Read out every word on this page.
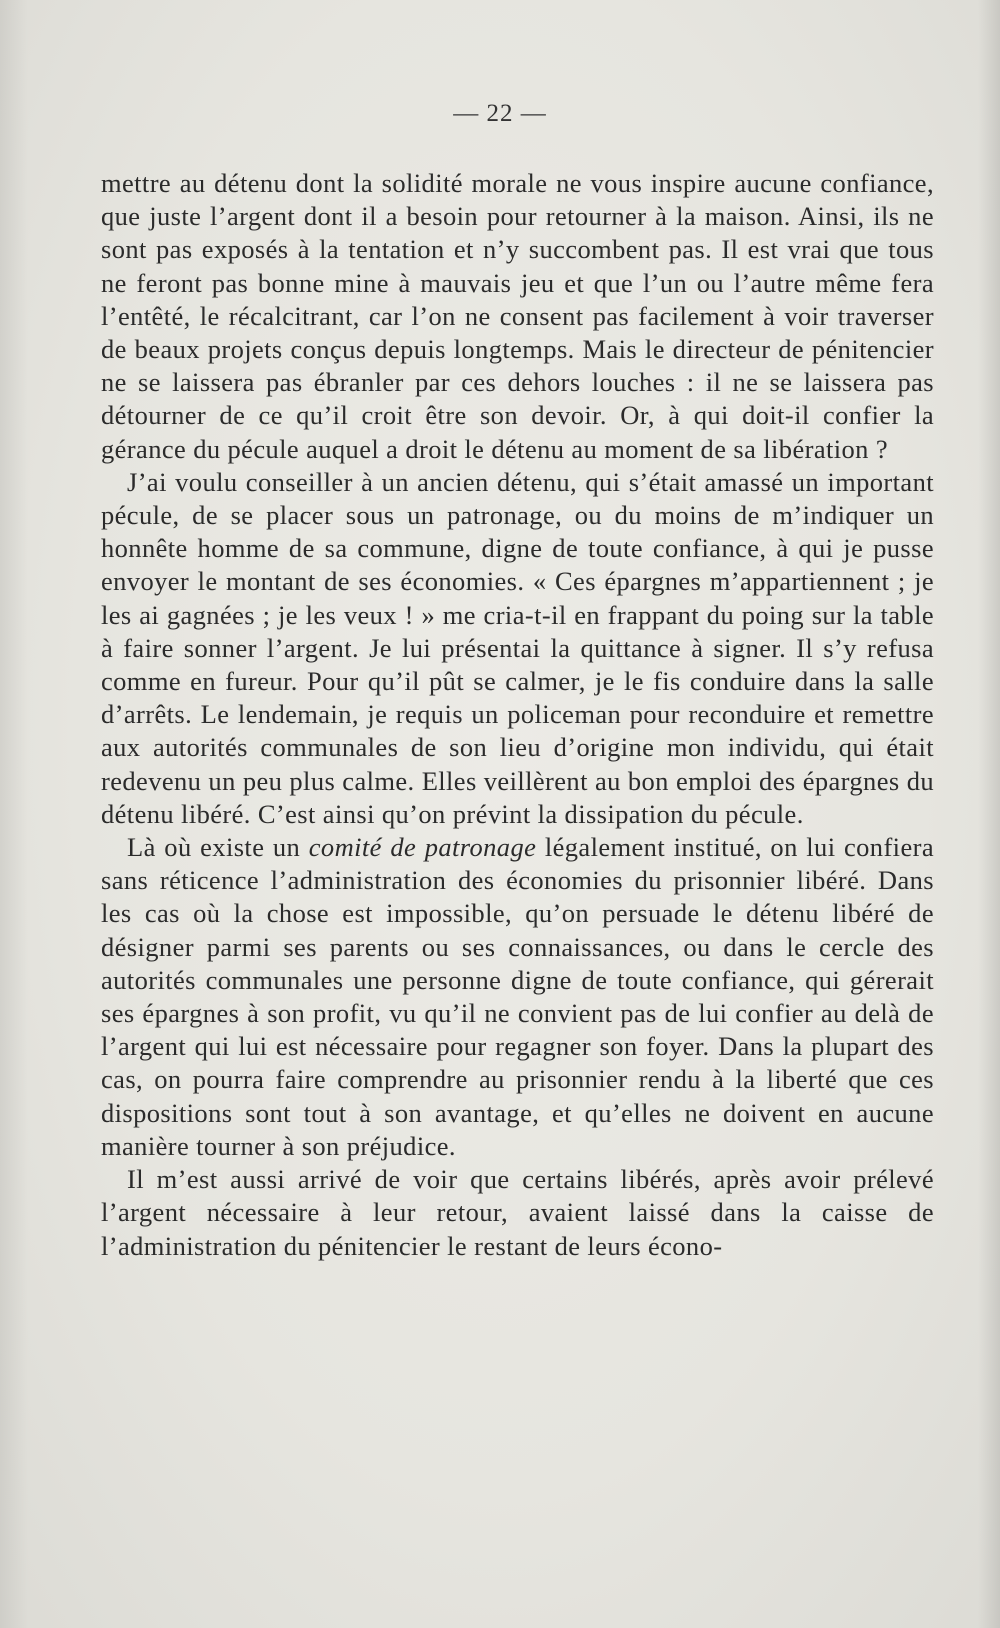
— 22 —

mettre au détenu dont la solidité morale ne vous inspire aucune confiance, que juste l’argent dont il a besoin pour retourner à la maison. Ainsi, ils ne sont pas exposés à la tentation et n’y succombent pas. Il est vrai que tous ne feront pas bonne mine à mauvais jeu et que l’un ou l’autre même fera l’entêté, le récalcitrant, car l’on ne consent pas facilement à voir traverser de beaux projets conçus depuis longtemps. Mais le directeur de pénitencier ne se laissera pas ébranler par ces dehors louches : il ne se laissera pas détourner de ce qu’il croit être son devoir. Or, à qui doit-il confier la gérance du pécule auquel a droit le détenu au moment de sa libération ?

J’ai voulu conseiller à un ancien détenu, qui s’était amassé un important pécule, de se placer sous un patronage, ou du moins de m’indiquer un honnête homme de sa commune, digne de toute confiance, à qui je pusse envoyer le montant de ses économies. « Ces épargnes m’appartiennent ; je les ai gagnées ; je les veux ! » me cria-t-il en frappant du poing sur la table à faire sonner l’argent. Je lui présentai la quittance à signer. Il s’y refusa comme en fureur. Pour qu’il pût se calmer, je le fis conduire dans la salle d’arrêts. Le lendemain, je requis un policeman pour reconduire et remettre aux autorités communales de son lieu d’origine mon individu, qui était redevenu un peu plus calme. Elles veillèrent au bon emploi des épargnes du détenu libéré. C’est ainsi qu’on prévint la dissipation du pécule.

Là où existe un comité de patronage légalement institué, on lui confiera sans réticence l’administration des économies du prisonnier libéré. Dans les cas où la chose est impossible, qu’on persuade le détenu libéré de désigner parmi ses parents ou ses connaissances, ou dans le cercle des autorités communales une personne digne de toute confiance, qui gérerait ses épargnes à son profit, vu qu’il ne convient pas de lui confier au delà de l’argent qui lui est nécessaire pour regagner son foyer. Dans la plupart des cas, on pourra faire comprendre au prisonnier rendu à la liberté que ces dispositions sont tout à son avantage, et qu’elles ne doivent en aucune manière tourner à son préjudice.

Il m’est aussi arrivé de voir que certains libérés, après avoir prélevé l’argent nécessaire à leur retour, avaient laissé dans la caisse de l’administration du pénitencier le restant de leurs écono-
